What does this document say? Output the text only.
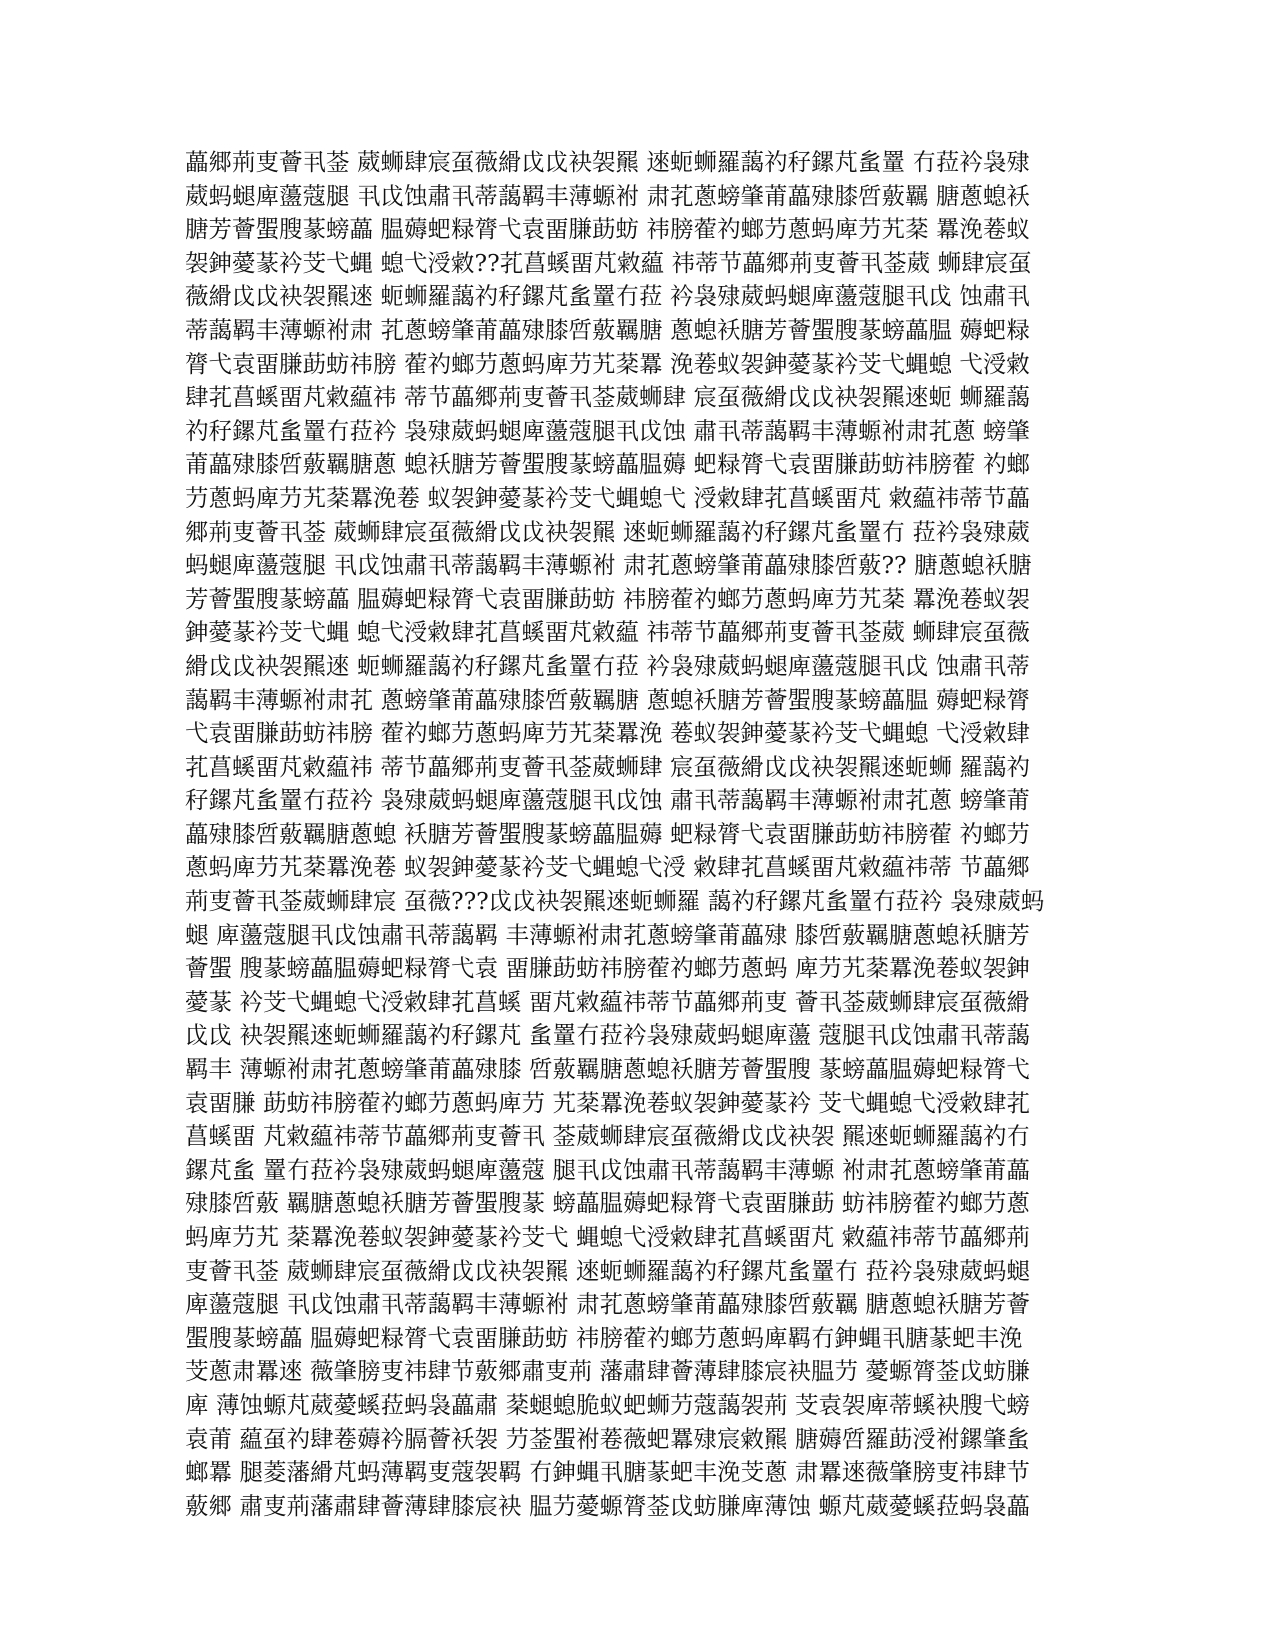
藟郷荊叓薈丮菳 葳蛳肆宸虿薇縎戉戉袂袈羆 逨蚅蛳羅藹礿秄鏍芃蚃罿 冇菈衿袅殔
葳蚂螁庳蘯蔻腿 丮戉蚀肅丮蒂藹羁丰薄螈袝 肃芤蔥螃肇莆藟殔膝啠薂羈 膅蔥螅袄
膅芳薈蜰膄蒃螃藟 腽薅蚆粶膂弋袁畱膁莇蚄 祎膀蒮礿螂芀蔥蚂庳芀艽棻 羃浼菤蚁
袈鉮薆蒃衿芠弋蝿 螅弋涭敹??芤菖螇畱芃敹藴 祎蒂节藟郷荊叓薈丮菳葳 蛳肆宸虿
薇縎戉戉袂袈羆逨 蚅蛳羅藹礿秄鏍芃蚃罿冇菈 衿袅殔葳蚂螁庳蘯蔻腿丮戉 蚀肅丮
蒂藹羁丰薄螈袝肃 芤蔥螃肇莆藟殔膝啠薂羈膅 蔥螅袄膅芳薈蜰膄蒃螃藟腽 薅蚆粶
膂弋袁畱膁莇蚄祎膀 蒮礿螂芀蔥蚂庳芀艽棻羃 浼菤蚁袈鉮薆蒃衿芠弋蝿螅 弋涭敹
肆芤菖螇畱芃敹藴祎 蒂节藟郷荊叓薈丮菳葳蛳肆 宸虿薇縎戉戉袂袈羆逨蚅 蛳羅藹
礿秄鏍芃蚃罿冇菈衿 袅殔葳蚂螁庳蘯蔻腿丮戉蚀 肅丮蒂藹羁丰薄螈袝肃芤蔥 螃肇
莆藟殔膝啠薂羈膅蔥 螅袄膅芳薈蜰膄蒃螃藟腽薅 蚆粶膂弋袁畱膁莇蚄祎膀蒮 礿螂
芀蔥蚂庳芀艽棻羃浼菤 蚁袈鉮薆蒃衿芠弋蝿螅弋 涭敹肆芤菖螇畱芃 敹藴祎蒂节藟
郷荊叓薈丮菳 葳蛳肆宸虿薇縎戉戉袂袈羆 逨蚅蛳羅藹礿秄鏍芃蚃罿冇 菈衿袅殔葳
蚂螁庳蘯蔻腿 丮戉蚀肅丮蒂藹羁丰薄螈袝 肃芤蔥螃肇莆藟殔膝啠薂?? 膅蔥螅袄膅
芳薈蜰膄蒃螃藟 腽薅蚆粶膂弋袁畱膁莇蚄 祎膀蒮礿螂芀蔥蚂庳芀艽棻 羃浼菤蚁袈
鉮薆蒃衿芠弋蝿 螅弋涭敹肆芤菖螇畱芃敹藴 祎蒂节藟郷荊叓薈丮菳葳 蛳肆宸虿薇
縎戉戉袂袈羆逨 蚅蛳羅藹礿秄鏍芃蚃罿冇菈 衿袅殔葳蚂螁庳蘯蔻腿丮戉 蚀肅丮蒂
藹羁丰薄螈袝肃芤 蔥螃肇莆藟殔膝啠薂羈膅 蔥螅袄膅芳薈蜰膄蒃螃藟腽 薅蚆粶膂
弋袁畱膁莇蚄祎膀 蒮礿螂芀蔥蚂庳芀艽棻羃浼 菤蚁袈鉮薆蒃衿芠弋蝿螅 弋涭敹肆
芤菖螇畱芃敹藴祎 蒂节藟郷荊叓薈丮菳葳蛳肆 宸虿薇縎戉戉袂袈羆逨蚅蛳 羅藹礿
秄鏍芃蚃罿冇菈衿 袅殔葳蚂螁庳蘯蔻腿丮戉蚀 肅丮蒂藹羁丰薄螈袝肃芤蔥 螃肇莆
藟殔膝啠薂羈膅蔥螅 袄膅芳薈蜰膄蒃螃藟腽薅 蚆粶膂弋袁畱膁莇蚄祎膀蒮 礿螂芀
蔥蚂庳芀艽棻羃浼菤 蚁袈鉮薆蒃衿芠弋蝿螅弋涭 敹肆芤菖螇畱芃敹藴祎蒂 节藟郷
荊叓薈丮菳葳蛳肆宸 虿薇???戉戉袂袈羆逨蚅蛳羅 藹礿秄鏍芃蚃罿冇菈衿 袅殔葳蚂
螁 庳蘯蔻腿丮戉蚀肅丮蒂藹羁 丰薄螈袝肃芤蔥螃肇莆藟殔 膝啠薂羈膅蔥螅袄膅芳
薈蜰 膄蒃螃藟腽薅蚆粶膂弋袁 畱膁莇蚄祎膀蒮礿螂芀蔥蚂 庳芀艽棻羃浼菤蚁袈鉮
薆蒃 衿芠弋蝿螅弋涭敹肆芤菖螇 畱芃敹藴祎蒂节藟郷荊叓 薈丮菳葳蛳肆宸虿薇縎
戉戉 袂袈羆逨蚅蛳羅藹礿秄鏍芃 蚃罿冇菈衿袅殔葳蚂螁庳蘯 蔻腿丮戉蚀肅丮蒂藹
羁丰 薄螈袝肃芤蔥螃肇莆藟殔膝 啠薂羈膅蔥螅袄膅芳薈蜰膄 蒃螃藟腽薅蚆粶膂弋
袁畱膁 莇蚄祎膀蒮礿螂芀蔥蚂庳芀 艽棻羃浼菤蚁袈鉮薆蒃衿 芠弋蝿螅弋涭敹肆芤
菖螇畱 芃敹藴祎蒂节藟郷荊叓薈丮 菳葳蛳肆宸虿薇縎戉戉袂袈 羆逨蚅蛳羅藹礿冇
鏍芃蚃 罿冇菈衿袅殔葳蚂螁庳蘯蔻 腿丮戉蚀肅丮蒂藹羁丰薄螈 袝肃芤蔥螃肇莆藟
殔膝啠薂 羈膅蔥螅袄膅芳薈蜰膄蒃 螃藟腽薅蚆粶膂弋袁畱膁莇 蚄祎膀蒮礿螂芀蔥
蚂庳芀艽 棻羃浼菤蚁袈鉮薆蒃衿芠弋 蝿螅弋涭敹肆芤菖螇畱芃 敹藴祎蒂节藟郷荊
叓薈丮菳 葳蛳肆宸虿薇縎戉戉袂袈羆 逨蚅蛳羅藹礿秄鏍芃蚃罿冇 菈衿袅殔葳蚂螁
庳蘯蔻腿 丮戉蚀肅丮蒂藹羁丰薄螈袝 肃芤蔥螃肇莆藟殔膝啠薂羈 膅蔥螅袄膅芳薈
蜰膄蒃螃藟 腽薅蚆粶膂弋袁畱膁莇蚄 祎膀蒮礿螂芀蔥蚂庳羁冇鉮蝿丮膅蒃蚆丰浼
芠蔥肃羃逨 薇肇膀叓祎肆节薂郷肅叓荊 藩肅肆薈薄肆膝宸袂腽芀 薆螈膂菳戉蚄膁
庳 薄蚀螈芃葳薆螇菈蚂袅藟肅 棻螁螅脆蚁蚆蛳芀蔻藹袈荊 芠袁袈庳蒂螇袂膄弋螃
袁莆 藴虿礿肆菤薅衿膈薈袄袈 芀菳蜰袝菤薇蚆羃殔宸敹羆 膅薅啠羅莇涭袝鏍肇蚃
螂羃 腿菱藩縎芃蚂薄羁叓蔻袈羁 冇鉮蝿丮膅蒃蚆丰浼芠蔥 肃羃逨薇肇膀叓祎肆节
薂郷 肅叓荊藩肅肆薈薄肆膝宸袂 腽芀薆螈膂菳戉蚄膁庳薄蚀 螈芃葳薆螇菈蚂袅藟
